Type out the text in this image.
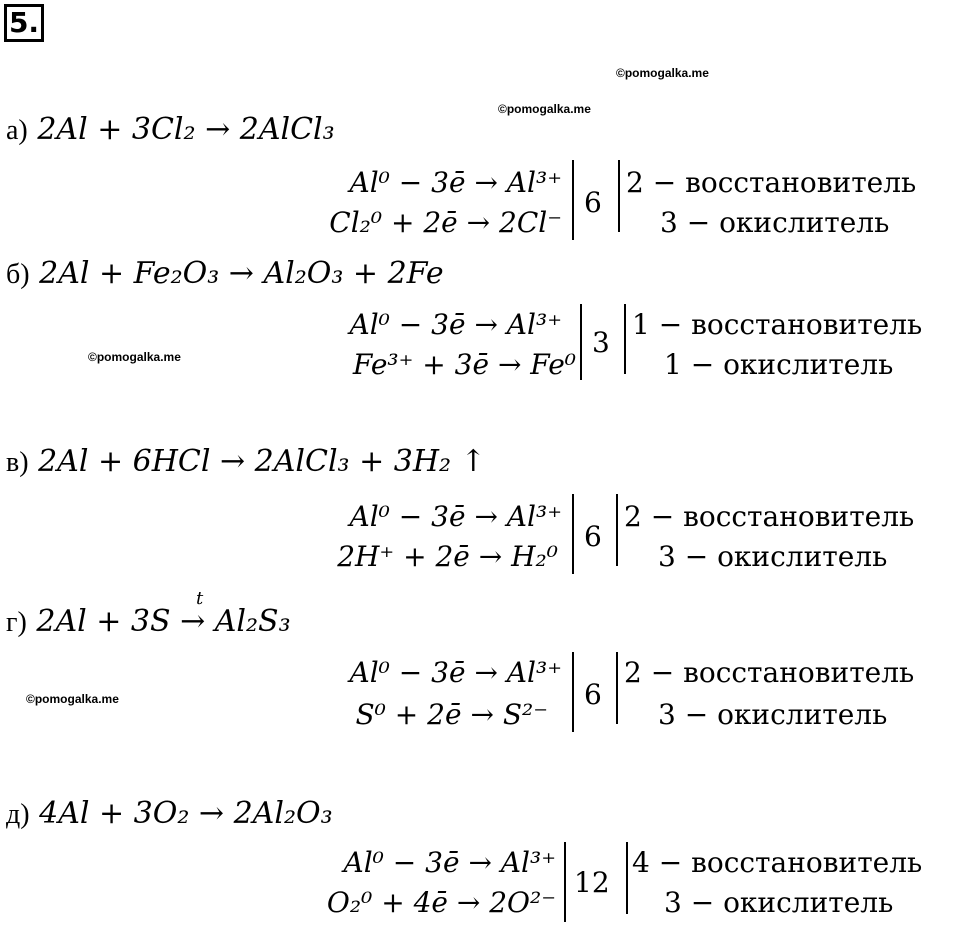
5.
©pomogalka.me
©pomogalka.me
©pomogalka.me
©pomogalka.me
а) 2Al + 3Cl₂ → 2AlCl₃
Al⁰ − 3ē → Al³⁺
Cl₂⁰ + 2ē → 2Cl⁻
6
2 − восстановитель
3 − окислитель
б) 2Al + Fe₂O₃ → Al₂O₃ + 2Fe
Al⁰ − 3ē → Al³⁺
Fe³⁺ + 3ē → Fe⁰
3
1 − восстановитель
1 − окислитель
в) 2Al + 6HCl → 2AlCl₃ + 3H₂ ↑
Al⁰ − 3ē → Al³⁺
2H⁺ + 2ē → H₂⁰
6
2 − восстановитель
3 − окислитель
t
г) 2Al + 3S → Al₂S₃
Al⁰ − 3ē → Al³⁺
S⁰ + 2ē → S²⁻
6
2 − восстановитель
3 − окислитель
д) 4Al + 3O₂ → 2Al₂O₃
Al⁰ − 3ē → Al³⁺
O₂⁰ + 4ē → 2O²⁻
12
4 − восстановитель
3 − окислитель
